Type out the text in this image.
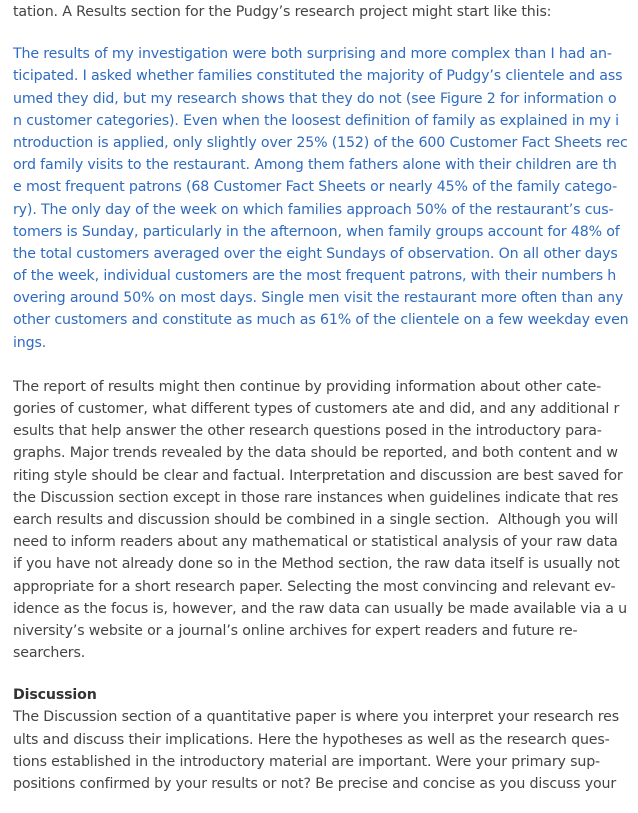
tation. A Results section for the Pudgy’s research project might start like this:
The results of my investigation were both surprising and more complex than I had an-
ticipated. I asked whether families constituted the majority of Pudgy’s clientele and ass
umed they did, but my research shows that they do not (see Figure 2 for information o
n customer categories). Even when the loosest definition of family as explained in my i
ntroduction is applied, only slightly over 25% (152) of the 600 Customer Fact Sheets rec
ord family visits to the restaurant. Among them fathers alone with their children are th
e most frequent patrons (68 Customer Fact Sheets or nearly 45% of the family catego-
ry). The only day of the week on which families approach 50% of the restaurant’s cus-
tomers is Sunday, particularly in the afternoon, when family groups account for 48% of
the total customers averaged over the eight Sundays of observation. On all other days
of the week, individual customers are the most frequent patrons, with their numbers h
overing around 50% on most days. Single men visit the restaurant more often than any
other customers and constitute as much as 61% of the clientele on a few weekday even
ings.
The report of results might then continue by providing information about other cate-
gories of customer, what different types of customers ate and did, and any additional r
esults that help answer the other research questions posed in the introductory para-
graphs. Major trends revealed by the data should be reported, and both content and w
riting style should be clear and factual. Interpretation and discussion are best saved for
the Discussion section except in those rare instances when guidelines indicate that res
earch results and discussion should be combined in a single section.  Although you will
need to inform readers about any mathematical or statistical analysis of your raw data
if you have not already done so in the Method section, the raw data itself is usually not
appropriate for a short research paper. Selecting the most convincing and relevant ev-
idence as the focus is, however, and the raw data can usually be made available via a u
niversity’s website or a journal’s online archives for expert readers and future re-
searchers.
Discussion
The Discussion section of a quantitative paper is where you interpret your research res
ults and discuss their implications. Here the hypotheses as well as the research ques-
tions established in the introductory material are important. Were your primary sup-
positions confirmed by your results or not? Be precise and concise as you discuss your
